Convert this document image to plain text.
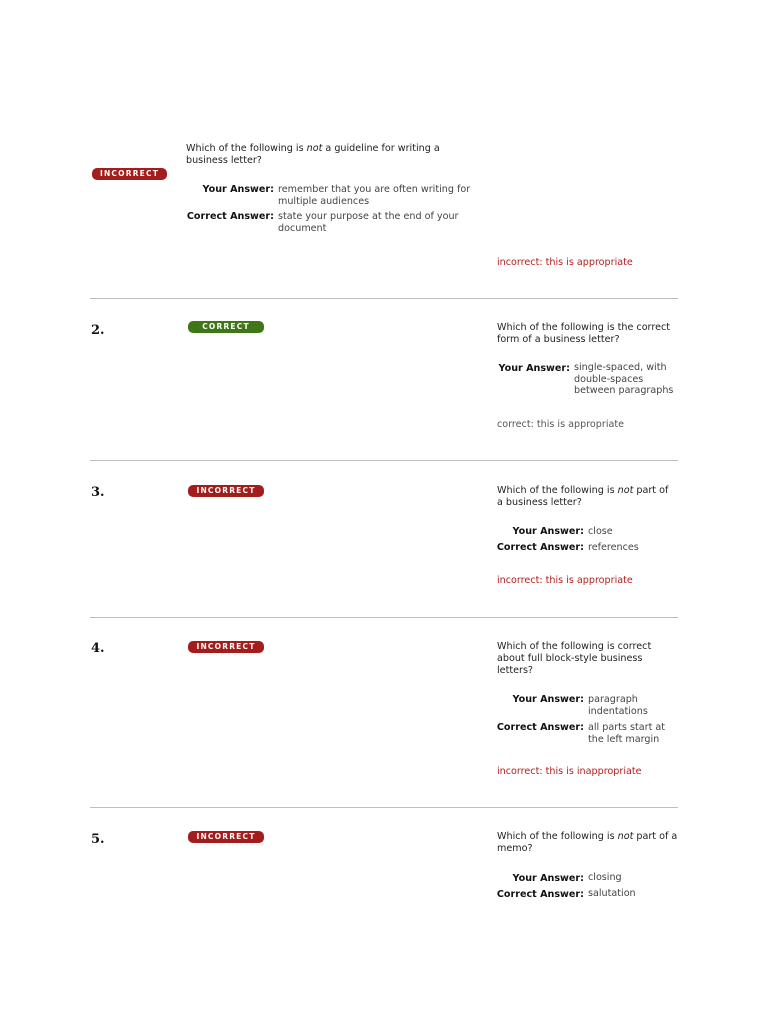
INCORRECT
Which of the following is not a guideline for writing a business letter?
Your Answer: remember that you are often writing for multiple audiences
Correct Answer: state your purpose at the end of your document
incorrect: this is appropriate
2.	CORRECT	Which of the following is the correct form of a business letter?
Your Answer: single-spaced, with double-spaces between paragraphs
correct: this is appropriate
3.	INCORRECT	Which of the following is not part of a business letter?
Your Answer: close
Correct Answer: references
incorrect: this is appropriate
4.	INCORRECT	Which of the following is correct about full block-style business letters?
Your Answer: paragraph indentations
Correct Answer: all parts start at the left margin
incorrect: this is inappropriate
5.	INCORRECT	Which of the following is not part of a memo?
Your Answer: closing
Correct Answer: salutation
